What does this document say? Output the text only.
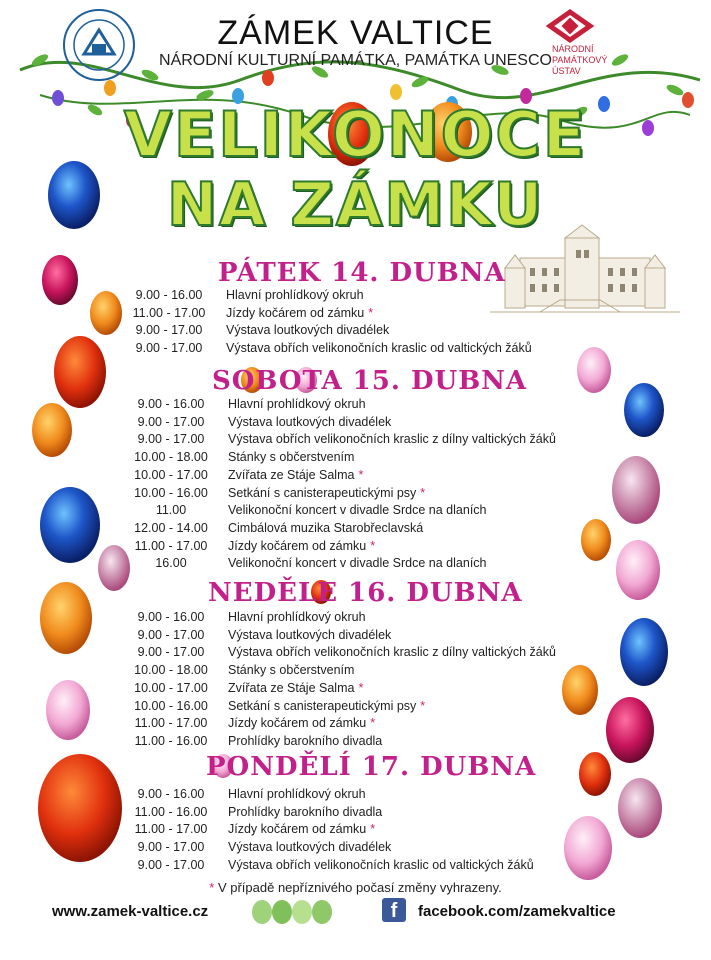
NÁRODNÍ PAMÁTKOVÝ ÚSTAV
ZÁMEK VALTICE
NÁRODNÍ KULTURNÍ PAMÁTKA, PAMÁTKA UNESCO
VELIKONOCE
NA ZÁMKU
PÁTEK 14. DUBNA
9.00 - 16.00	Hlavní prohlídkový okruh
11.00 - 17.00	Jízdy kočárem od zámku *
9.00 - 17.00	Výstava loutkových divadélek
9.00 - 17.00	Výstava obřích velikonočních kraslic od valtických žáků
SOBOTA 15. DUBNA
9.00 - 16.00	Hlavní prohlídkový okruh
9.00 - 17.00	Výstava loutkových divadélek
9.00 - 17.00	Výstava obřích velikonočních kraslic z dílny valtických žáků
10.00 - 18.00	Stánky s občerstvením
10.00 - 17.00	Zvířata ze Stáje Salma *
10.00 - 16.00	Setkání s canisterapeutickými psy *
11.00	Velikonoční koncert v divadle Srdce na dlaních
12.00 - 14.00	Cimbálová muzika Starobřeclavská
11.00 - 17.00	Jízdy kočárem od zámku *
16.00	Velikonoční koncert v divadle Srdce na dlaních
NEDĚLE 16. DUBNA
9.00 - 16.00	Hlavní prohlídkový okruh
9.00 - 17.00	Výstava loutkových divadélek
9.00 - 17.00	Výstava obřích velikonočních kraslic z dílny valtických žáků
10.00 - 18.00	Stánky s občerstvením
10.00 - 17.00	Zvířata ze Stáje Salma *
10.00 - 16.00	Setkání s canisterapeutickými psy *
11.00 - 17.00	Jízdy kočárem od zámku *
11.00 - 16.00	Prohlídky barokního divadla
PONDĚLÍ 17. DUBNA
9.00 - 16.00	Hlavní prohlídkový okruh
11.00 - 16.00	Prohlídky barokního divadla
11.00 - 17.00	Jízdy kočárem od zámku *
9.00 - 17.00	Výstava loutkových divadélek
9.00 - 17.00	Výstava obřích velikonočních kraslic od valtických žáků
* V případě nepříznivého počasí změny vyhrazeny.
www.zamek-valtice.cz	f	facebook.com/zamekvaltice
